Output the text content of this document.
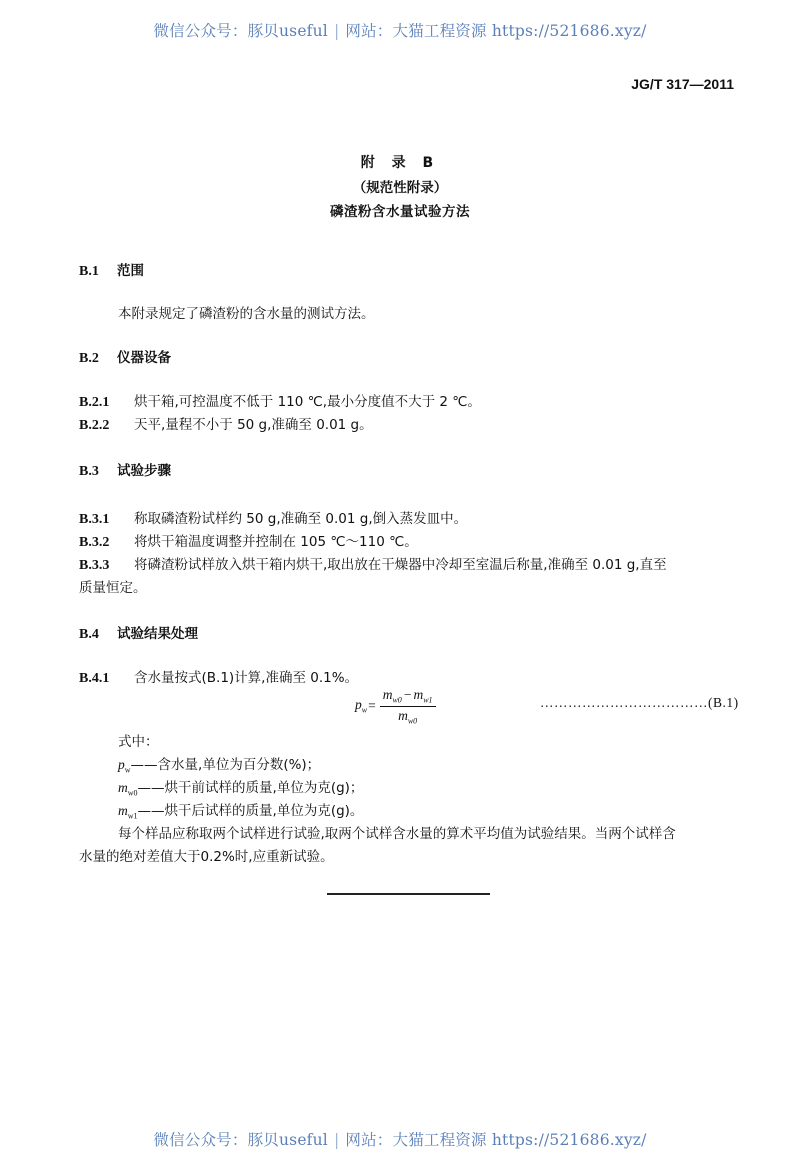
微信公众号：豚贝useful | 网站：大猫工程资源 https://521686.xyz/
JG/T 317—2011
附 录 B
（规范性附录）
磷渣粉含水量试验方法
B.1 范围
本附录规定了磷渣粉的含水量的测试方法。
B.2 仪器设备
B.2.1 烘干箱,可控温度不低于 110 ℃,最小分度值不大于 2 ℃。
B.2.2 天平,量程不小于 50 g,准确至 0.01 g。
B.3 试验步骤
B.3.1 称取磷渣粉试样约 50 g,准确至 0.01 g,倒入蒸发皿中。
B.3.2 将烘干箱温度调整并控制在 105 ℃～110 ℃。
B.3.3 将磷渣粉试样放入烘干箱内烘干,取出放在干燥器中冷却至室温后称量,准确至 0.01 g,直至
质量恒定。
B.4 试验结果处理
B.4.1 含水量按式(B.1)计算,准确至 0.1%。
$p_w = \frac{m_{w0} - m_{w1}}{m_{w0}}$	………………………………(B.1)
式中：
$p_w——$含水量,单位为百分数(%)；
$m_{w0}——$烘干前试样的质量,单位为克(g)；
$m_{w1}——$烘干后试样的质量,单位为克(g)。
每个样品应称取两个试样进行试验,取两个试样含水量的算术平均值为试验结果。当两个试样含
水量的绝对差值大于0.2%时,应重新试验。
微信公众号：豚贝useful | 网站：大猫工程资源 https://521686.xyz/
